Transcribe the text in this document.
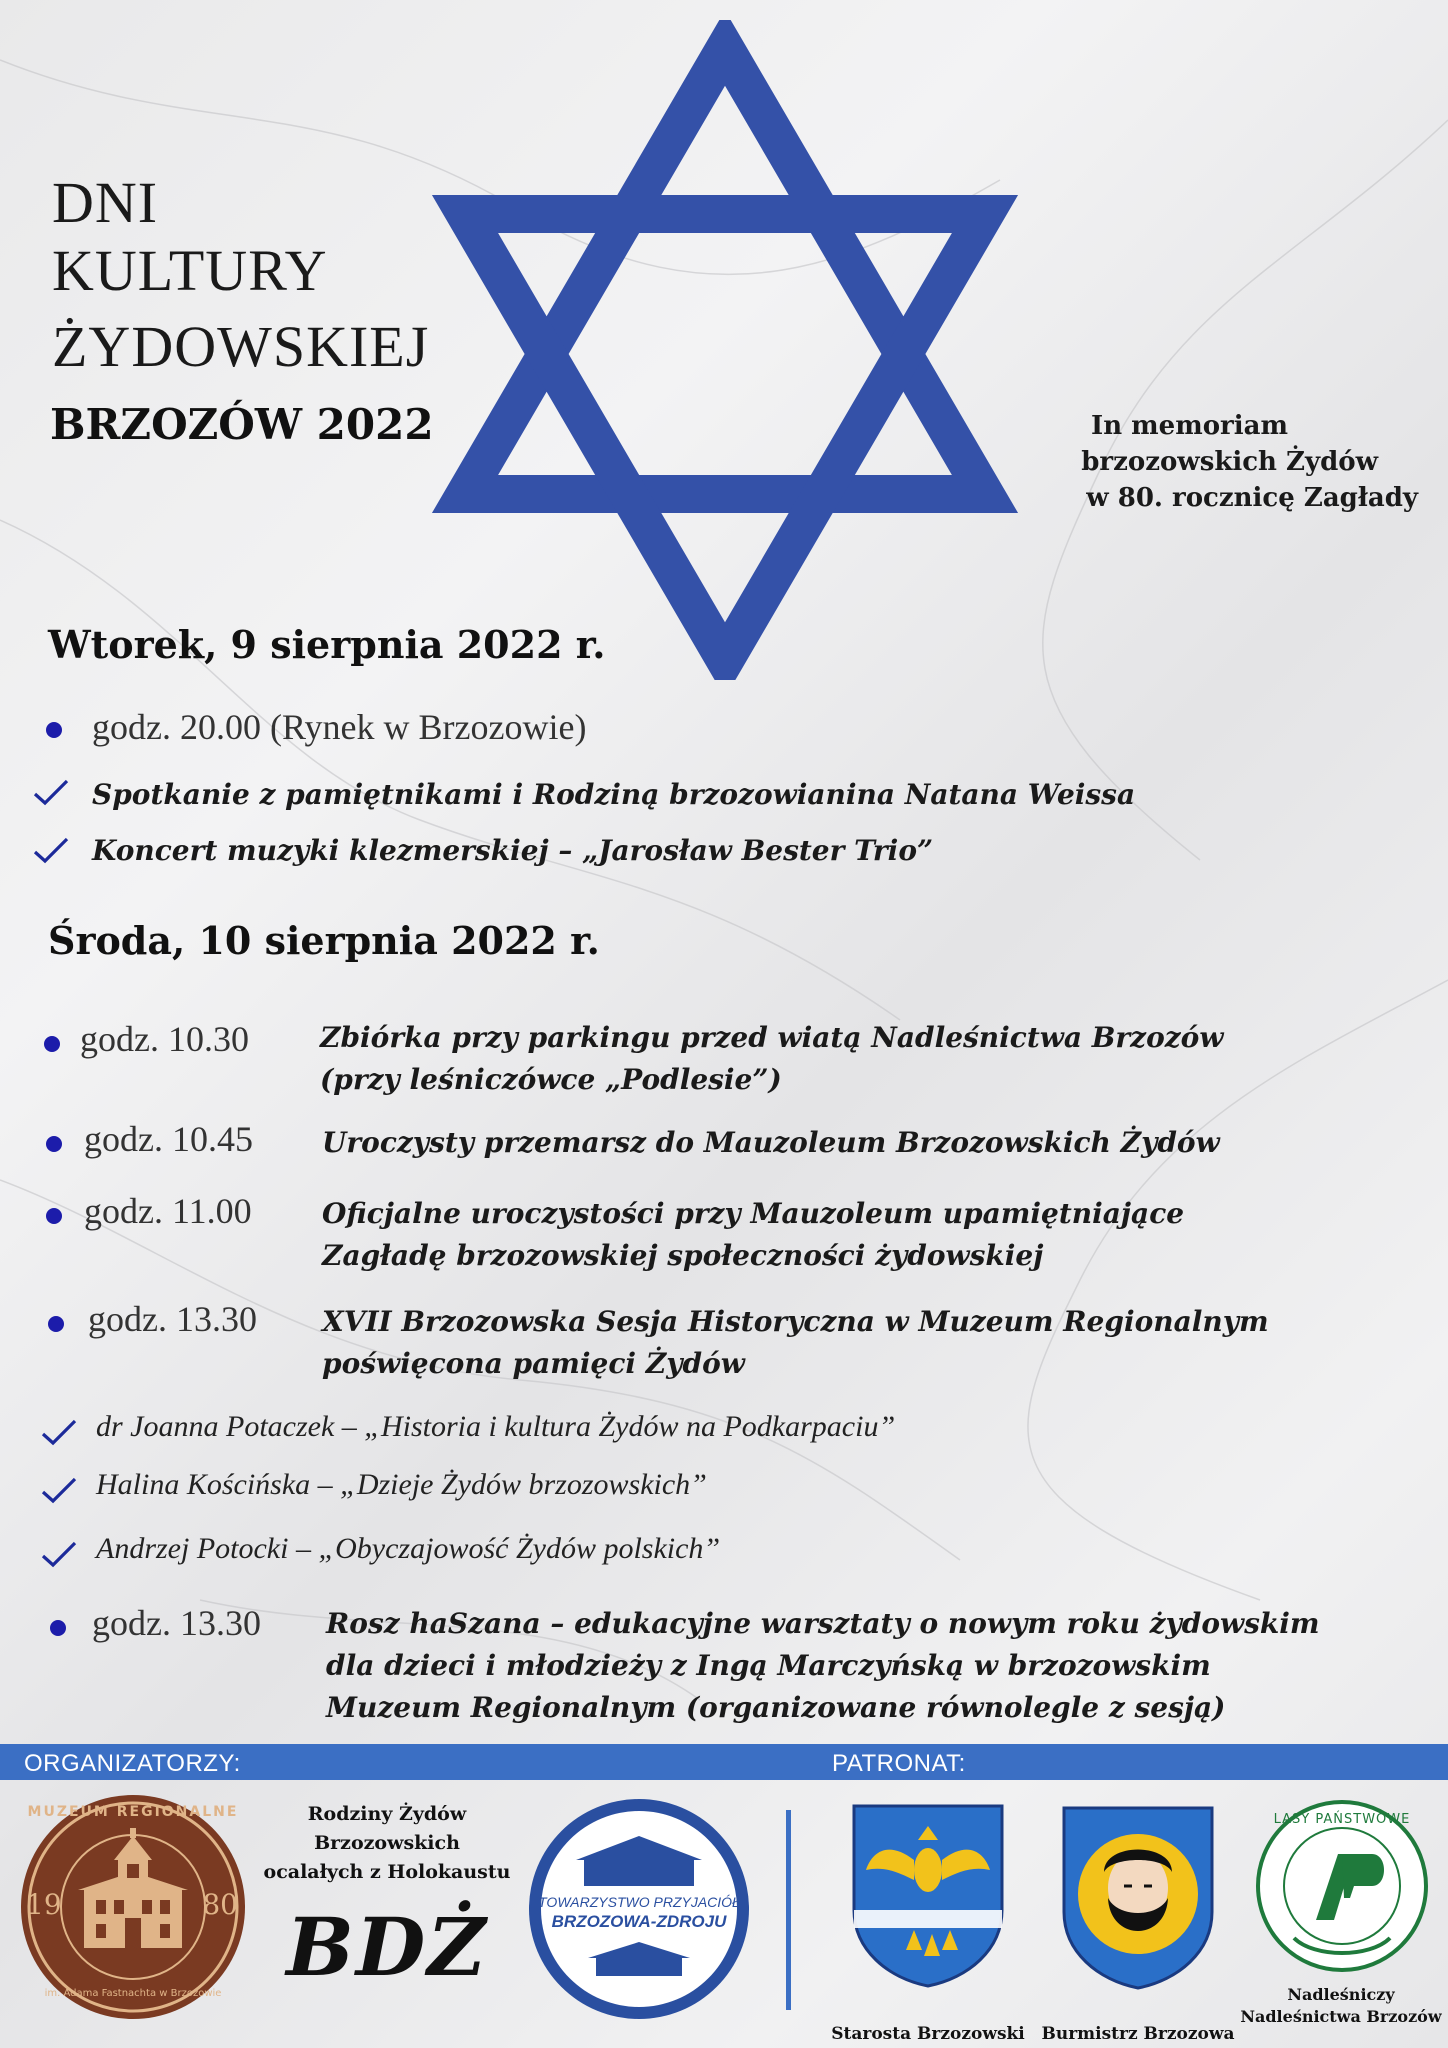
DNI
KULTURY
ŻYDOWSKIEJ
BRZOZÓW 2022	In memoriam
brzozowskich Żydów
w 80. rocznicę Zagłady
Wtorek, 9 sierpnia 2022 r.
godz. 20.00 (Rynek w Brzozowie)
Spotkanie z pamiętnikami i Rodziną brzozowianina Natana Weissa
Koncert muzyki klezmerskiej – „Jarosław Bester Trio”
Środa, 10 sierpnia 2022 r.
godz. 10.30	Zbiórka przy parkingu przed wiatą Nadleśnictwa Brzozów
(przy leśniczówce „Podlesie”)
godz. 10.45 Uroczysty przemarsz do Mauzoleum Brzozowskich Żydów
godz. 11.00	Oficjalne uroczystości przy Mauzoleum upamiętniające
Zagładę brzozowskiej społeczności żydowskiej
godz. 13.30 XVII Brzozowska Sesja Historyczna w Muzeum Regionalnym
poświęcona pamięci Żydów
dr Joanna Potaczek – „Historia i kultura Żydów na Podkarpaciu”
Halina Kościńska – „Dzieje Żydów brzozowskich”
Andrzej Potocki – „Obyczajowość Żydów polskich”
godz. 13.30 Rosz haSzana – edukacyjne warsztaty o nowym roku żydowskim
dla dzieci i młodzieży z Ingą Marczyńską w brzozowskim
Muzeum Regionalnym (organizowane równolegle z sesją)
ORGANIZATORZY:	PATRONAT:
19	80
MUZEUM REGIONALNE
im. Adama Fastnachta w Brzozowie
Rodziny Żydów
Brzozowskich
ocalałych z Holokaustu
BDŻ	TOWARZYSTWO PRZYJACIÓŁ
BRZOZOWA-ZDROJU
Starosta Brzozowski Burmistrz Brzozowa
LASY PAŃSTWOWE
Nadleśniczy
Nadleśnictwa Brzozów
